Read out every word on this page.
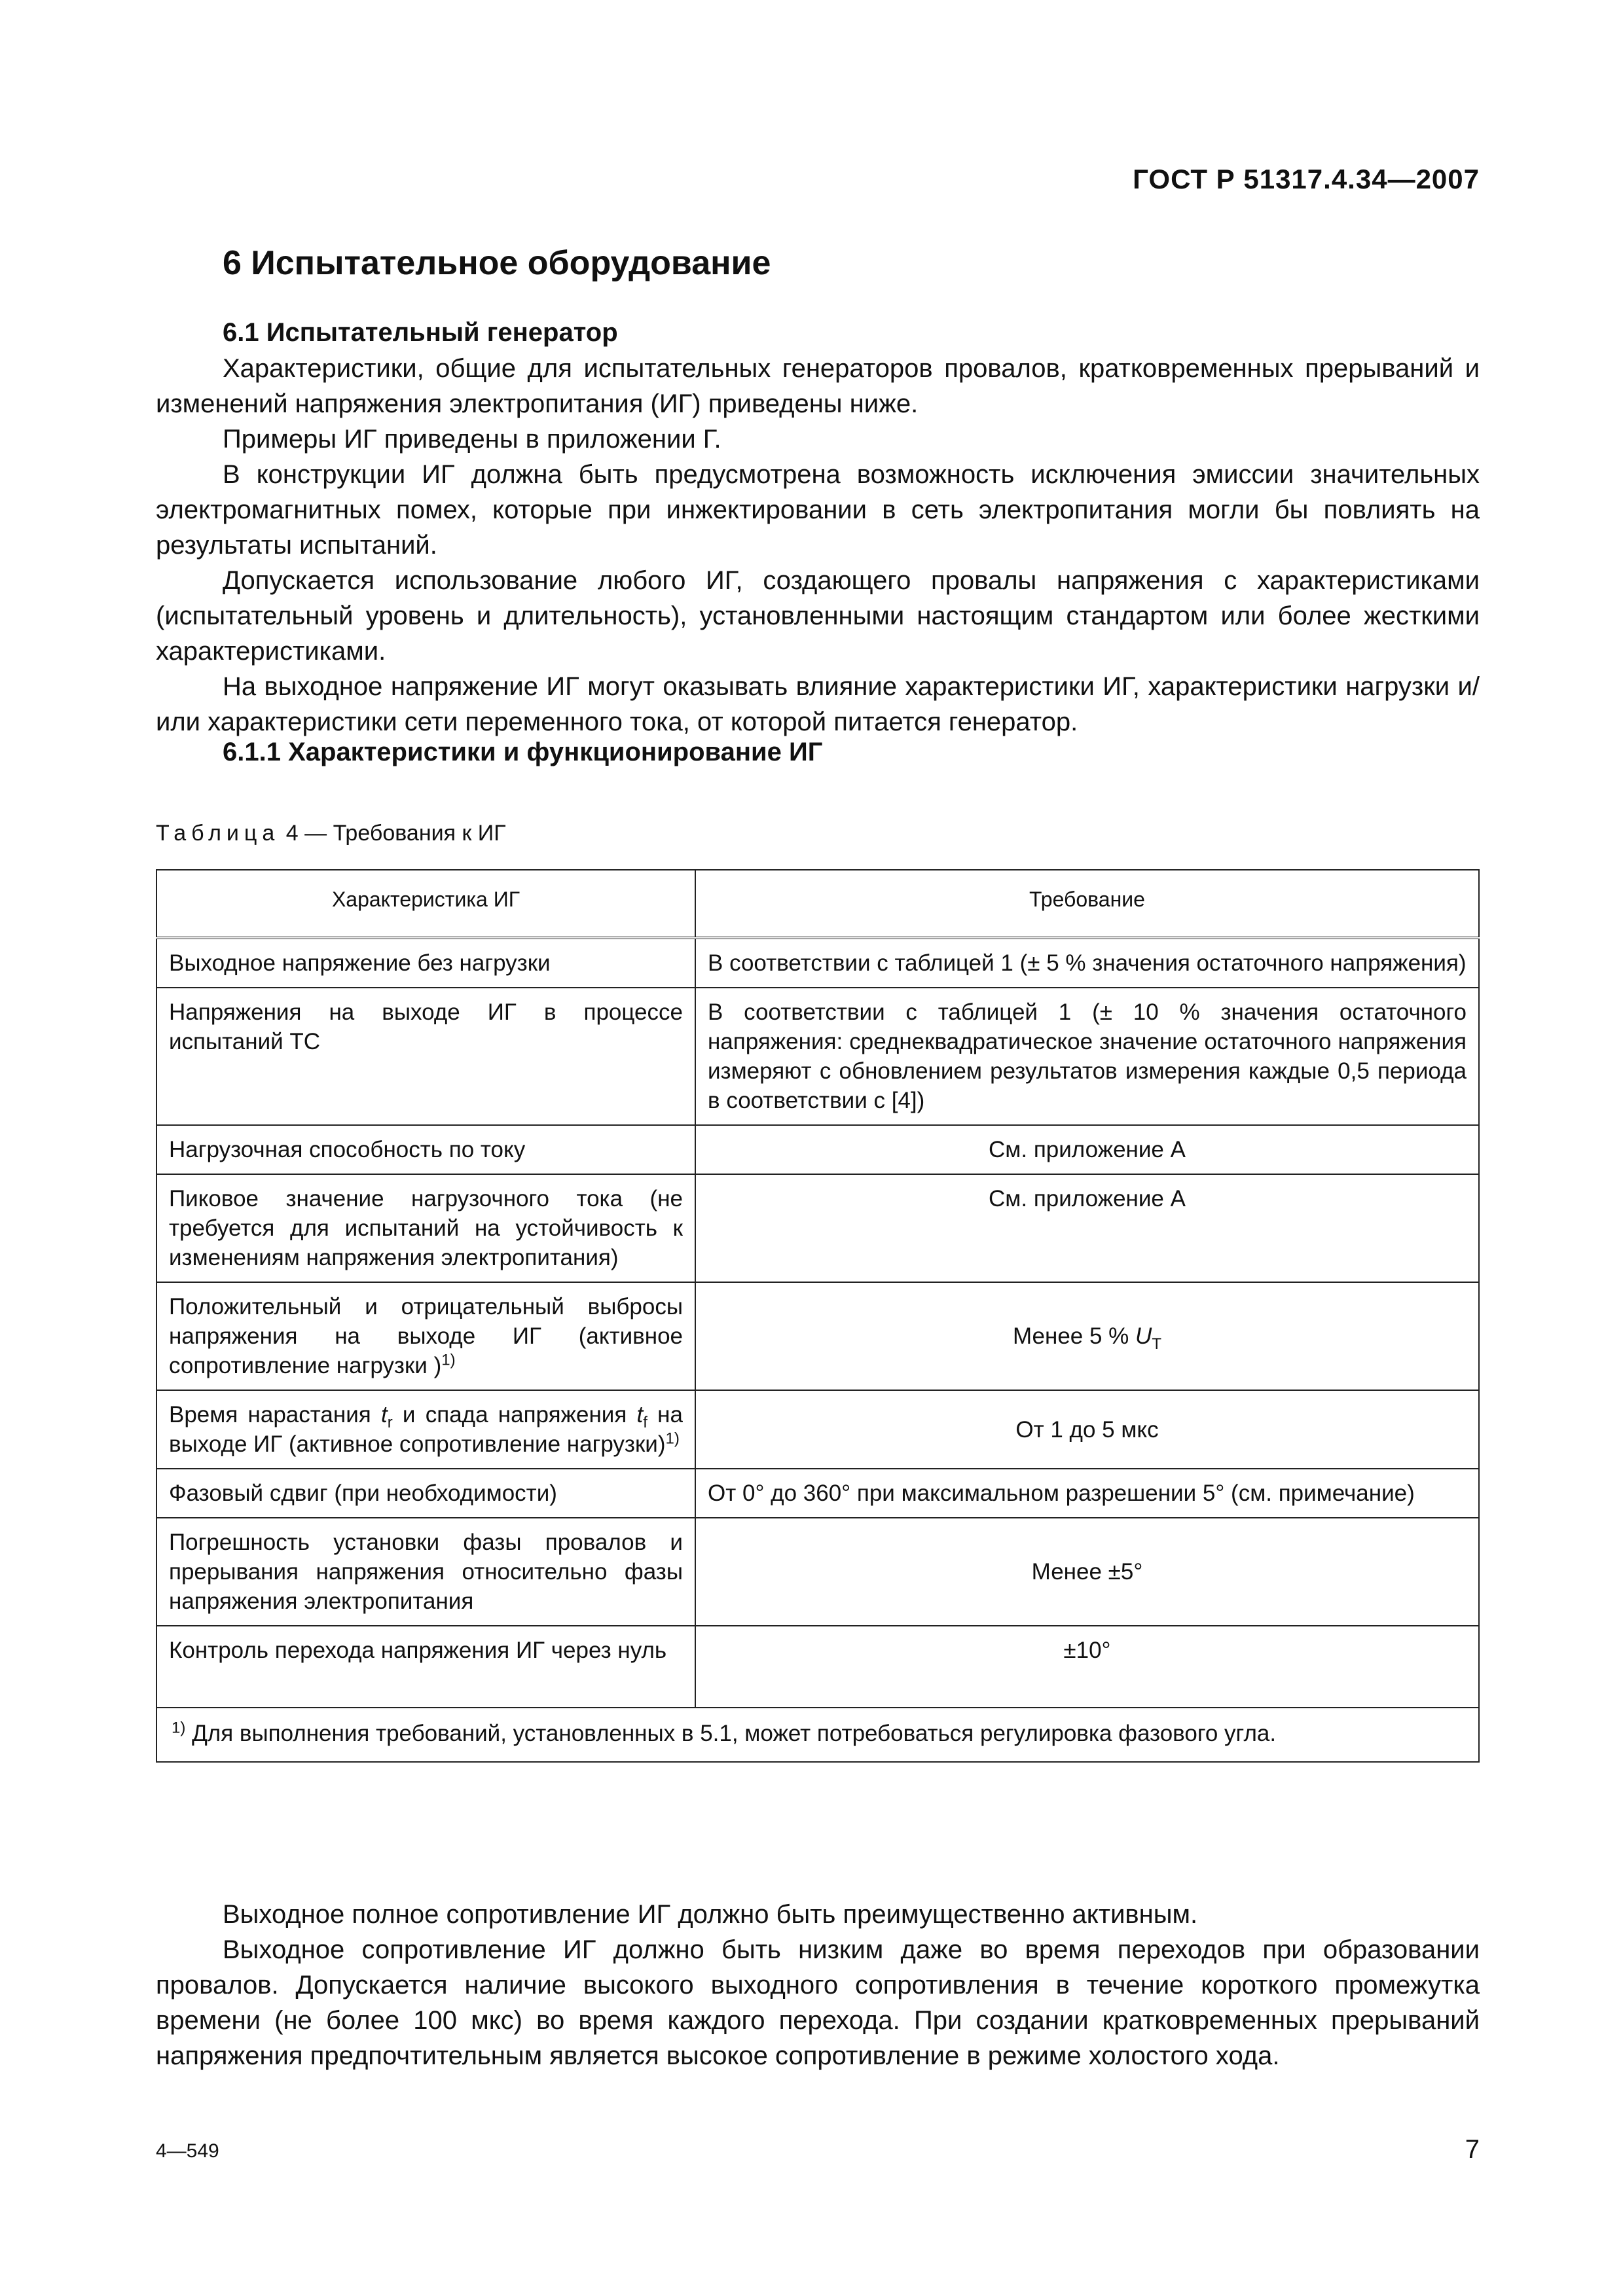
ГОСТ Р 51317.4.34—2007
6 Испытательное оборудование
6.1 Испытательный генератор

Характеристики, общие для испытательных генераторов провалов, кратковременных прерываний и изменений напряжения электропитания (ИГ) приведены ниже.

Примеры ИГ приведены в приложении Г.

В конструкции ИГ должна быть предусмотрена возможность исключения эмиссии значительных электромагнитных помех, которые при инжектировании в сеть электропитания могли бы повлиять на результаты испытаний.

Допускается использование любого ИГ, создающего провалы напряжения с характеристиками (испытательный уровень и длительность), установленными настоящим стандартом или более жесткими характеристиками.

На выходное напряжение ИГ могут оказывать влияние характеристики ИГ, характеристики нагрузки и/или характеристики сети переменного тока, от которой питается генератор.

6.1.1 Характеристики и функционирование ИГ
Таблица 4 — Требования к ИГ
Характеристика ИГ	Требование
Выходное напряжение без нагрузки	В соответствии с таблицей 1 (± 5 % значения остаточного напряжения)
Напряжения на выходе ИГ в процессе испытаний ТС	В соответствии с таблицей 1 (± 10 % значения остаточного напряжения: среднеквадратическое значение остаточного напряжения измеряют с обновлением результатов измерения каждые 0,5 периода в соответствии с [4])
Нагрузочная способность по току	См. приложение А
Пиковое значение нагрузочного тока (не требуется для испытаний на устойчивость к изменениям напряжения электропитания)	См. приложение А
Положительный и отрицательный выбросы напряжения на выходе ИГ (активное сопротивление нагрузки )$^{1)}$	Менее 5 % $U_T$
Время нарастания $t_r$ и спада напряжения $t_f$ на выходе ИГ (активное сопротивление нагрузки)$^{1)}$	От 1 до 5 мкс
Фазовый сдвиг (при необходимости)	От 0° до 360° при максимальном разрешении 5° (см. примечание)
Погрешность установки фазы провалов и прерывания напряжения относительно фазы напряжения электропитания	Менее ±5°
Контроль перехода напряжения ИГ через нуль	±10°
$^{1)}$ Для выполнения требований, установленных в 5.1, может потребоваться регулировка фазового угла.	

Выходное полное сопротивление ИГ должно быть преимущественно активным.

Выходное сопротивление ИГ должно быть низким даже во время переходов при образовании провалов. Допускается наличие высокого выходного сопротивления в течение короткого промежутка времени (не более 100 мкс) во время каждого перехода. При создании кратковременных прерываний напряжения предпочтительным является высокое сопротивление в режиме холостого хода.

4—549	7
